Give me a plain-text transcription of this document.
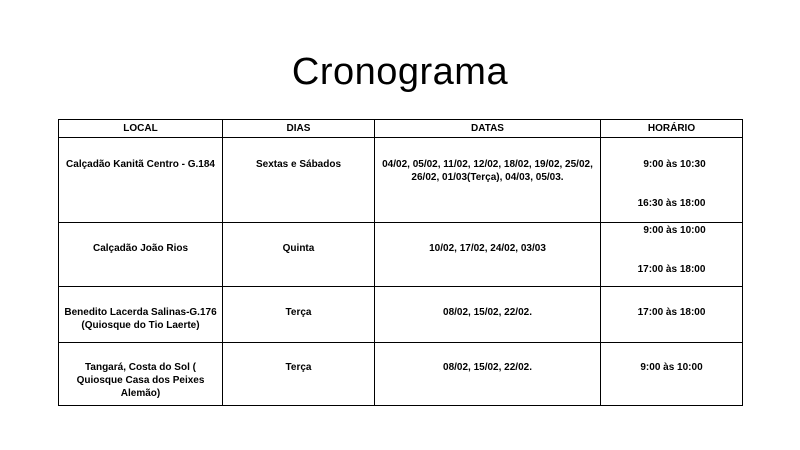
Cronograma
LOCAL	DIAS	DATAS	HORÁRIO

Calçadão Kanitã Centro - G.184	Sextas e Sábados	04/02, 05/02, 11/02, 12/02, 18/02, 19/02, 25/02, 26/02, 01/03(Terça), 04/03, 05/03.	9:00 às 10:30
16:30 às 18:00

Calçadão João Rios	Quinta	10/02, 17/02, 24/02, 03/03	9:00 às 10:00
17:00 às 18:00

Benedito Lacerda Salinas-G.176 (Quiosque do Tio Laerte)	Terça	08/02, 15/02, 22/02.	17:00 às 18:00

Tangará, Costa do Sol ( Quiosque Casa dos Peixes Alemão)	Terça	08/02, 15/02, 22/02.	9:00 às 10:00
